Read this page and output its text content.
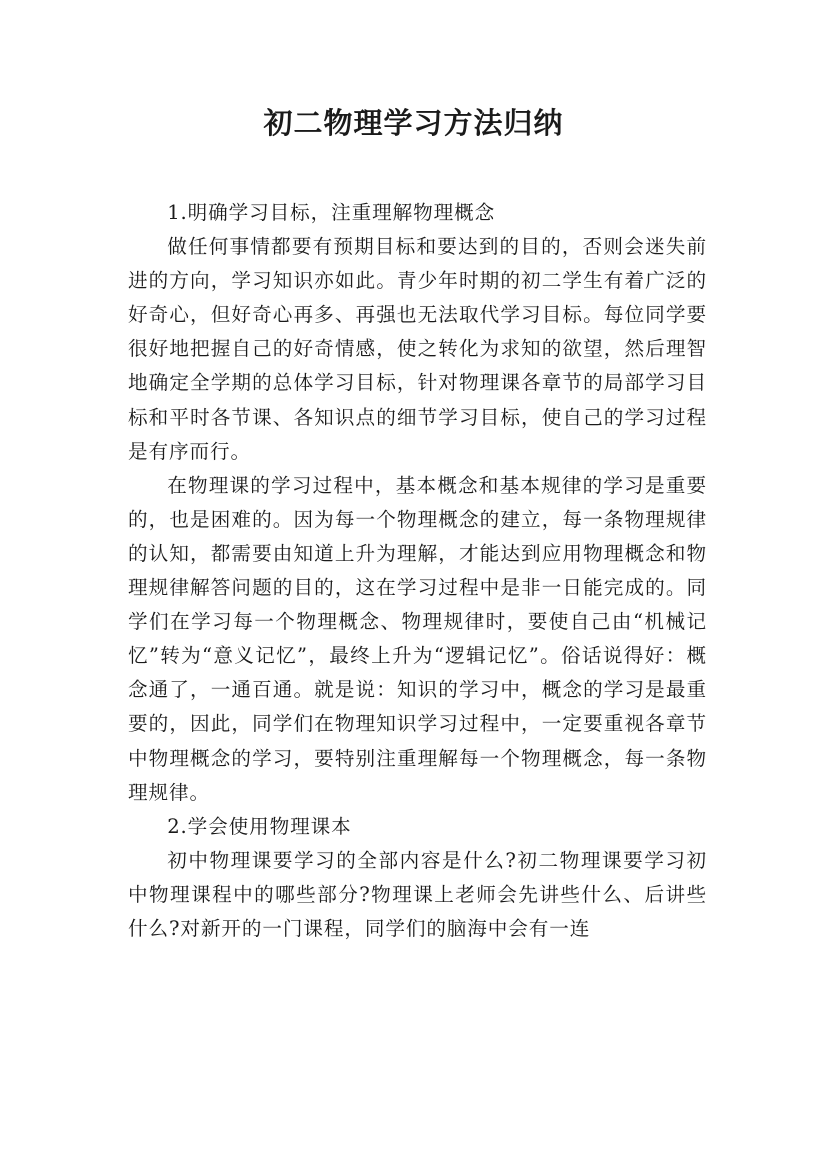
初二物理学习方法归纳

1.明确学习目标，注重理解物理概念

做任何事情都要有预期目标和要达到的目的，否则会迷失前进的方向，学习知识亦如此。青少年时期的初二学生有着广泛的好奇心，但好奇心再多、再强也无法取代学习目标。每位同学要很好地把握自己的好奇情感，使之转化为求知的欲望，然后理智地确定全学期的总体学习目标，针对物理课各章节的局部学习目标和平时各节课、各知识点的细节学习目标，使自己的学习过程是有序而行。

在物理课的学习过程中，基本概念和基本规律的学习是重要的，也是困难的。因为每一个物理概念的建立，每一条物理规律的认知，都需要由知道上升为理解，才能达到应用物理概念和物理规律解答问题的目的，这在学习过程中是非一日能完成的。同学们在学习每一个物理概念、物理规律时，要使自己由“机械记忆”转为“意义记忆”，最终上升为“逻辑记忆”。俗话说得好：概念通了，一通百通。就是说：知识的学习中，概念的学习是最重要的，因此，同学们在物理知识学习过程中，一定要重视各章节中物理概念的学习，要特别注重理解每一个物理概念，每一条物理规律。

2.学会使用物理课本

初中物理课要学习的全部内容是什么?初二物理课要学习初中物理课程中的哪些部分?物理课上老师会先讲些什么、后讲些什么?对新开的一门课程，同学们的脑海中会有一连
